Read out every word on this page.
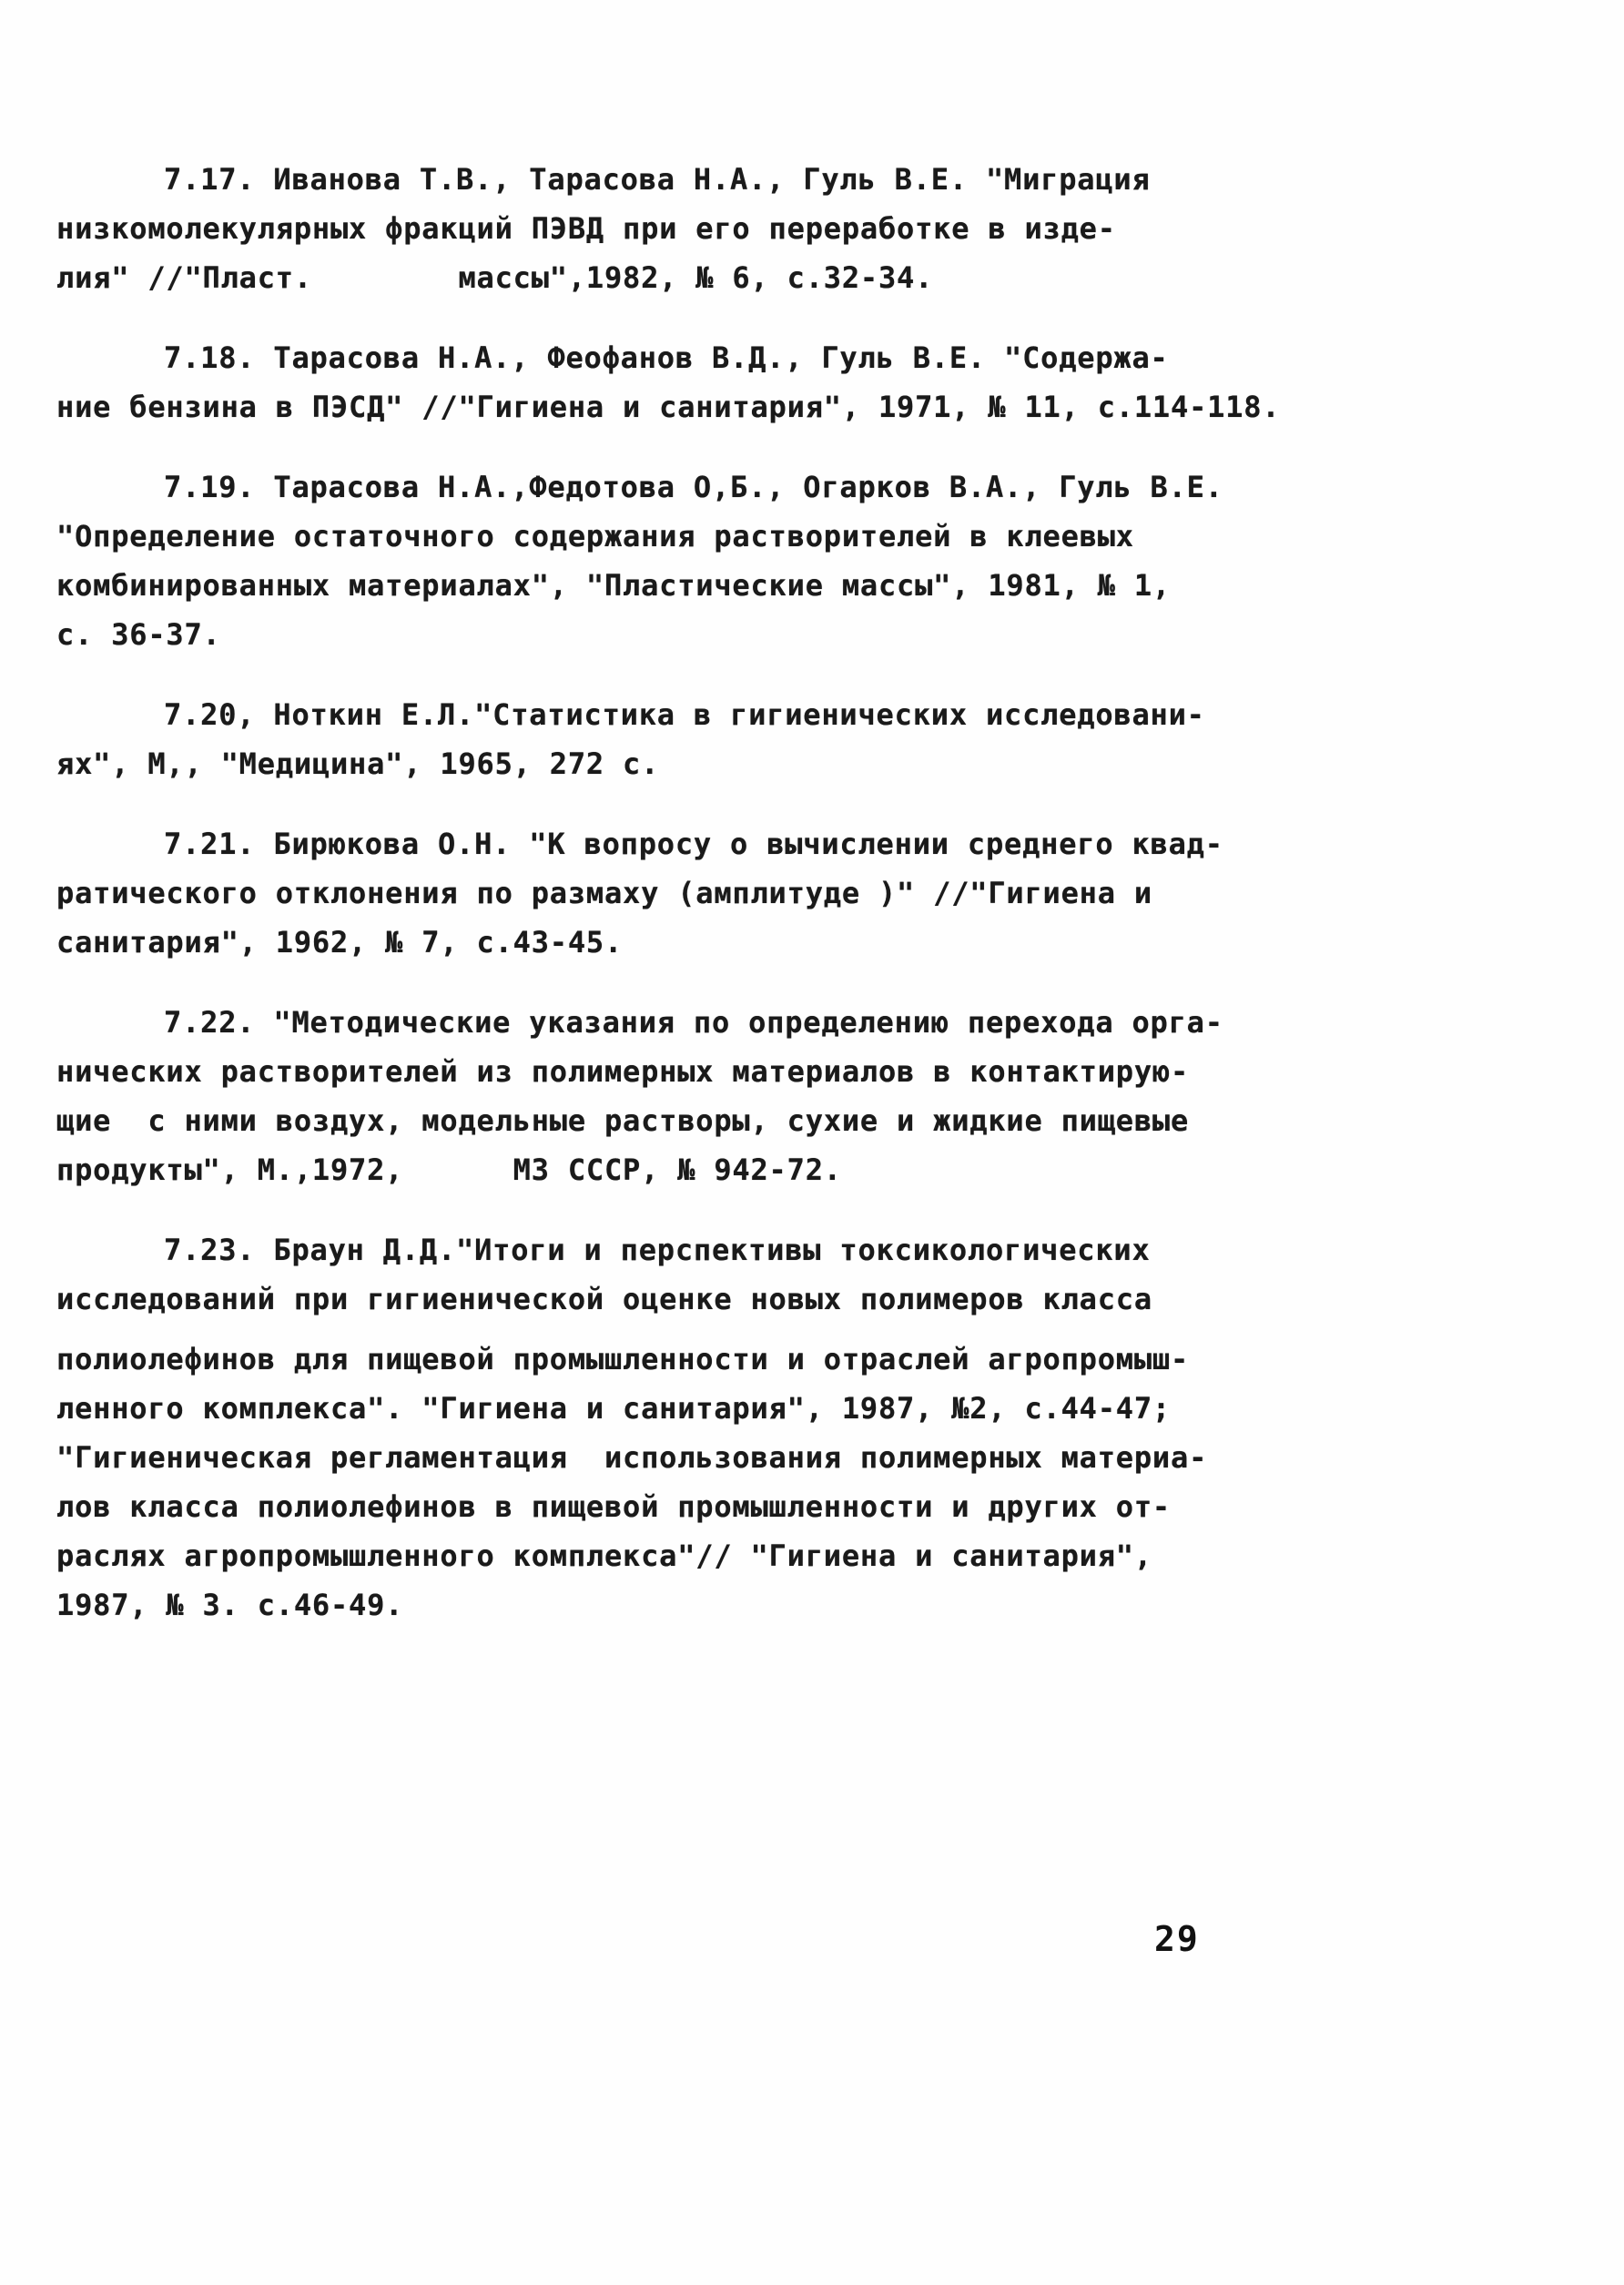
7.17. Иванова Т.В., Тарасова Н.А., Гуль В.Е. "Миграция
низкомолекулярных фракций ПЭВД при его переработке в изде-
лия" //"Пласт.        массы",1982, № 6, с.32-34.

7.18. Тарасова Н.А., Феофанов В.Д., Гуль В.Е. "Содержа-
ние бензина в ПЭСД" //"Гигиена и санитария", 1971, № 11, с.114-118.

7.19. Тарасова Н.А.,Федотова О,Б., Огарков В.А., Гуль В.Е.
"Определение остаточного содержания растворителей в клеевых
комбинированных материалах", "Пластические массы", 1981, № 1,
с. 36-37.

7.20, Ноткин Е.Л."Статистика в гигиенических исследовани-
ях", М,, "Медицина", 1965, 272 с.

7.21. Бирюкова О.Н. "К вопросу о вычислении среднего квад-
ратического отклонения по размаху (амплитуде )" //"Гигиена и
санитария", 1962, № 7, с.43-45.

7.22. "Методические указания по определению перехода орга-
нических растворителей из полимерных материалов в контактирую-
щие  с ними воздух, модельные растворы, сухие и жидкие пищевые
продукты", М.,1972,      МЗ СССР, № 942-72.

7.23. Браун Д.Д."Итоги и перспективы токсикологических
исследований при гигиенической оценке новых полимеров класса
полиолефинов для пищевой промышленности и отраслей агропромыш-
ленного комплекса". "Гигиена и санитария", 1987, №2, с.44-47;
"Гигиеническая регламентация  использования полимерных материа-
лов класса полиолефинов в пищевой промышленности и других от-
раслях агропромышленного комплекса"// "Гигиена и санитария",
1987, № 3. с.46-49.

29
